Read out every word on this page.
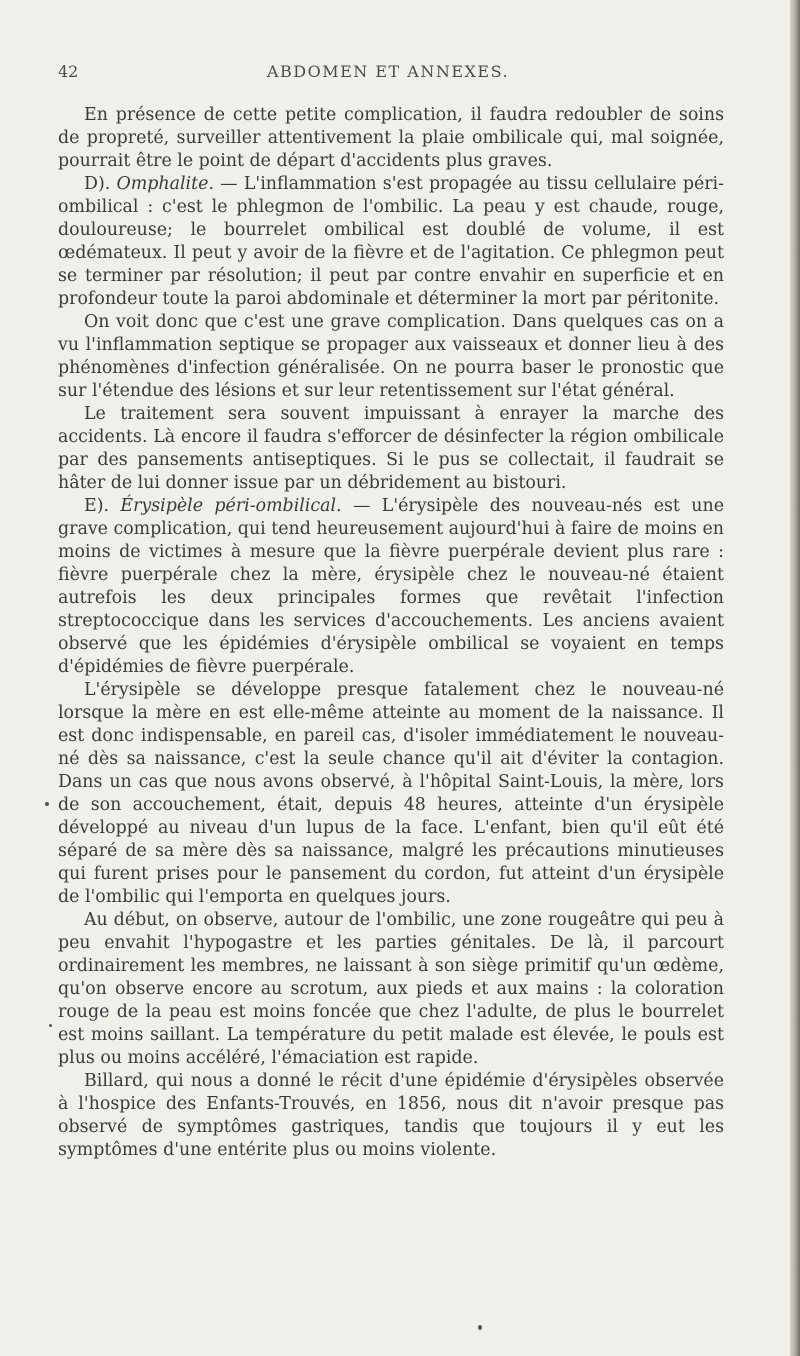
42	ABDOMEN ET ANNEXES.

En présence de cette petite complication, il faudra redoubler de soins de propreté, surveiller attentivement la plaie ombilicale qui, mal soignée, pourrait être le point de départ d'accidents plus graves.

D). Omphalite. — L'inflammation s'est propagée au tissu cellulaire péri-ombilical : c'est le phlegmon de l'ombilic. La peau y est chaude, rouge, douloureuse; le bourrelet ombilical est doublé de volume, il est œdémateux. Il peut y avoir de la fièvre et de l'agitation. Ce phlegmon peut se terminer par résolution; il peut par contre envahir en superficie et en profondeur toute la paroi abdominale et déterminer la mort par péritonite.

On voit donc que c'est une grave complication. Dans quelques cas on a vu l'inflammation septique se propager aux vaisseaux et donner lieu à des phénomènes d'infection généralisée. On ne pourra baser le pronostic que sur l'étendue des lésions et sur leur retentissement sur l'état général.

Le traitement sera souvent impuissant à enrayer la marche des accidents. Là encore il faudra s'efforcer de désinfecter la région ombilicale par des pansements antiseptiques. Si le pus se collectait, il faudrait se hâter de lui donner issue par un débridement au bistouri.

E). Érysipèle péri-ombilical. — L'érysipèle des nouveau-nés est une grave complication, qui tend heureusement aujourd'hui à faire de moins en moins de victimes à mesure que la fièvre puerpérale devient plus rare : fièvre puerpérale chez la mère, érysipèle chez le nouveau-né étaient autrefois les deux principales formes que revêtait l'infection streptococcique dans les services d'accouchements. Les anciens avaient observé que les épidémies d'érysipèle ombilical se voyaient en temps d'épidémies de fièvre puerpérale.

L'érysipèle se développe presque fatalement chez le nouveau-né lorsque la mère en est elle-même atteinte au moment de la naissance. Il est donc indispensable, en pareil cas, d'isoler immédiatement le nouveau-né dès sa naissance, c'est la seule chance qu'il ait d'éviter la contagion. Dans un cas que nous avons observé, à l'hôpital Saint-Louis, la mère, lors de son accouchement, était, depuis 48 heures, atteinte d'un érysipèle développé au niveau d'un lupus de la face. L'enfant, bien qu'il eût été séparé de sa mère dès sa naissance, malgré les précautions minutieuses qui furent prises pour le pansement du cordon, fut atteint d'un érysipèle de l'ombilic qui l'emporta en quelques jours.

Au début, on observe, autour de l'ombilic, une zone rougeâtre qui peu à peu envahit l'hypogastre et les parties génitales. De là, il parcourt ordinairement les membres, ne laissant à son siège primitif qu'un œdème, qu'on observe encore au scrotum, aux pieds et aux mains : la coloration rouge de la peau est moins foncée que chez l'adulte, de plus le bourrelet est moins saillant. La température du petit malade est élevée, le pouls est plus ou moins accéléré, l'émaciation est rapide.

Billard, qui nous a donné le récit d'une épidémie d'érysipèles observée à l'hospice des Enfants-Trouvés, en 1856, nous dit n'avoir presque pas observé de symptômes gastriques, tandis que toujours il y eut les symptômes d'une entérite plus ou moins violente.
